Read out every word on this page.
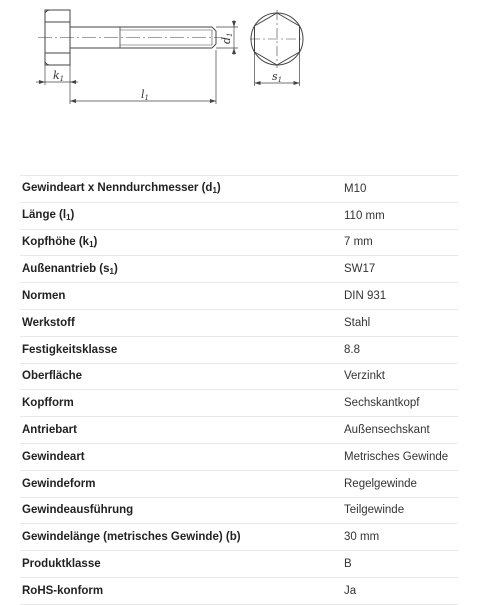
d1
k1
l1
s1
Gewindeart x Nenndurchmesser $(d_1)$	M10
Länge $(l_1)$	110 mm
Kopfhöhe $(k_1)$	7 mm
Außenantrieb $(s_1)$	SW17
Normen	DIN 931
Werkstoff	Stahl
Festigkeitsklasse	8.8
Oberfläche	Verzinkt
Kopfform	Sechskantkopf
Antriebart	Außensechskant
Gewindeart	Metrisches Gewinde
Gewindeform	Regelgewinde
Gewindeausführung	Teilgewinde
Gewindelänge (metrisches Gewinde) (b)	30 mm
Produktklasse	B
RoHS-konform	Ja
